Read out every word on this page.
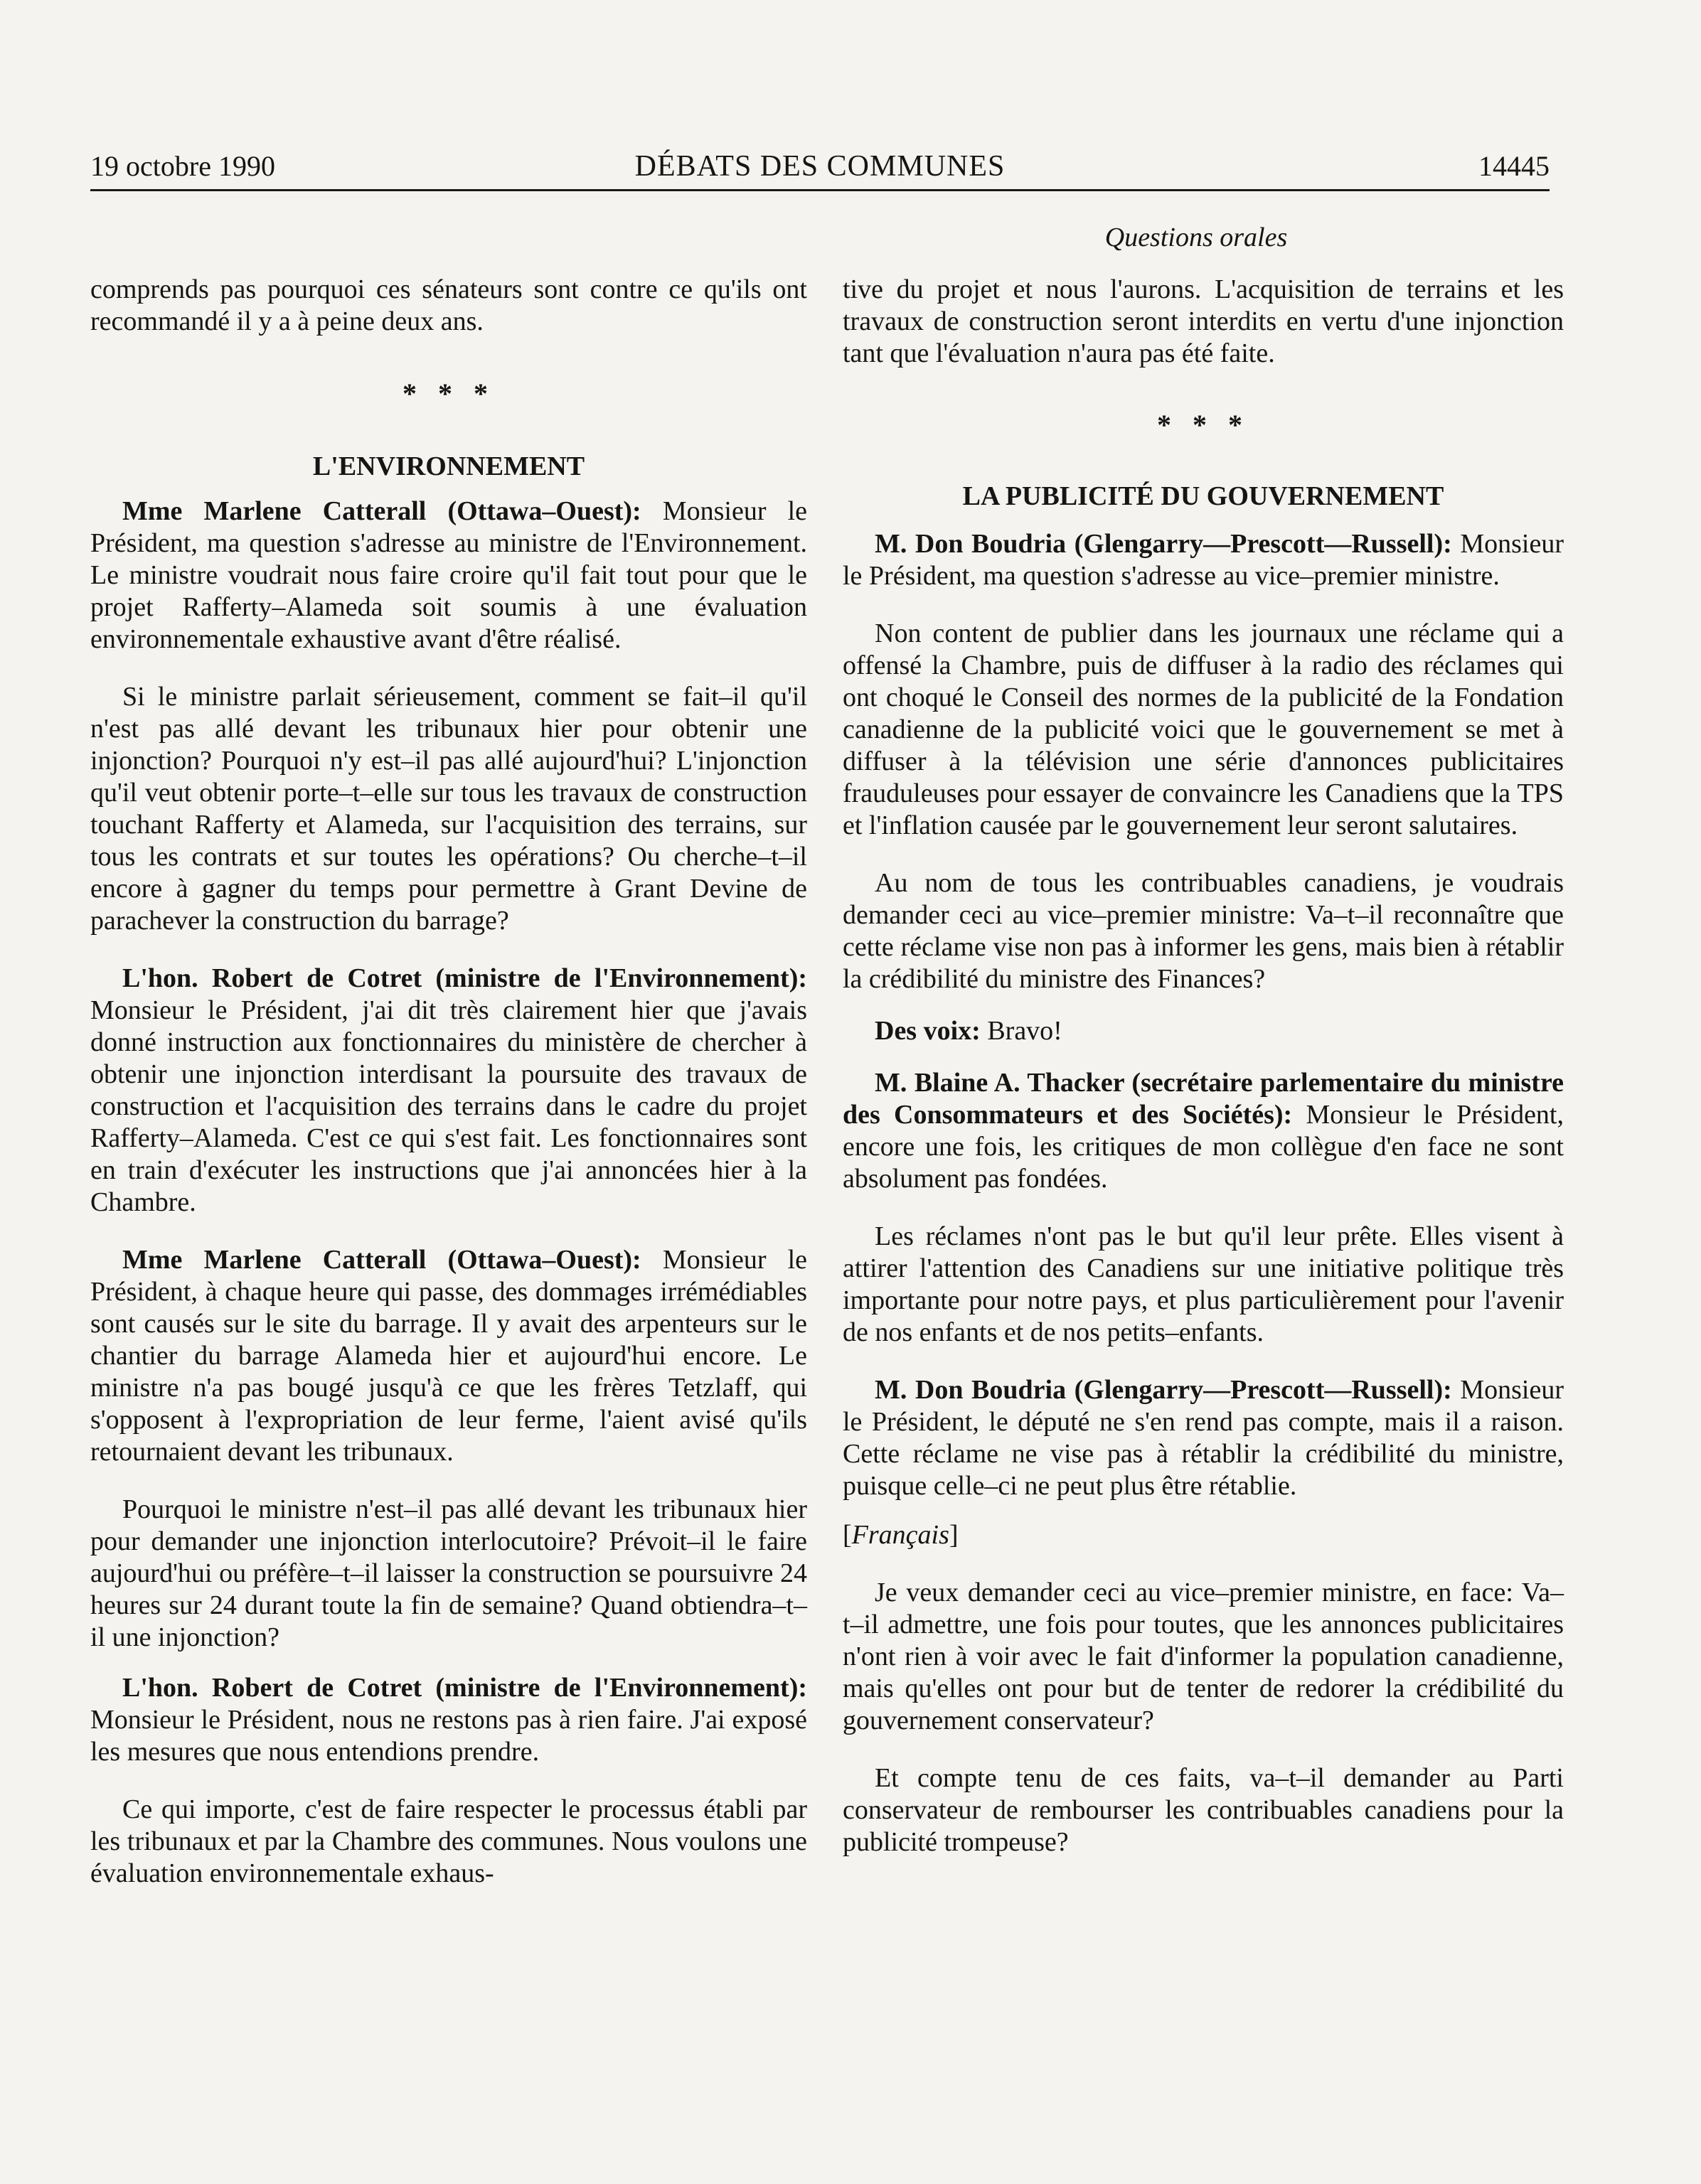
19 octobre 1990	DÉBATS DES COMMUNES	14445
Questions orales

comprends pas pourquoi ces sénateurs sont contre ce qu'ils ont recommandé il y a à peine deux ans.

* * *
L'ENVIRONNEMENT

Mme Marlene Catterall (Ottawa–Ouest): Monsieur le Président, ma question s'adresse au ministre de l'Environnement. Le ministre voudrait nous faire croire qu'il fait tout pour que le projet Rafferty–Alameda soit soumis à une évaluation environnementale exhaustive avant d'être réalisé.

Si le ministre parlait sérieusement, comment se fait–il qu'il n'est pas allé devant les tribunaux hier pour obtenir une injonction? Pourquoi n'y est–il pas allé aujourd'hui? L'injonction qu'il veut obtenir porte–t–elle sur tous les travaux de construction touchant Rafferty et Alameda, sur l'acquisition des terrains, sur tous les contrats et sur toutes les opérations? Ou cherche–t–il encore à gagner du temps pour permettre à Grant Devine de parachever la construction du barrage?

L'hon. Robert de Cotret (ministre de l'Environnement): Monsieur le Président, j'ai dit très clairement hier que j'avais donné instruction aux fonctionnaires du ministère de chercher à obtenir une injonction interdisant la poursuite des travaux de construction et l'acquisition des terrains dans le cadre du projet Rafferty–Alameda. C'est ce qui s'est fait. Les fonctionnaires sont en train d'exécuter les instructions que j'ai annoncées hier à la Chambre.

Mme Marlene Catterall (Ottawa–Ouest): Monsieur le Président, à chaque heure qui passe, des dommages irrémédiables sont causés sur le site du barrage. Il y avait des arpenteurs sur le chantier du barrage Alameda hier et aujourd'hui encore. Le ministre n'a pas bougé jusqu'à ce que les frères Tetzlaff, qui s'opposent à l'expropriation de leur ferme, l'aient avisé qu'ils retournaient devant les tribunaux.

Pourquoi le ministre n'est–il pas allé devant les tribunaux hier pour demander une injonction interlocutoire? Prévoit–il le faire aujourd'hui ou préfère–t–il laisser la construction se poursuivre 24 heures sur 24 durant toute la fin de semaine? Quand obtiendra–t–il une injonction?

L'hon. Robert de Cotret (ministre de l'Environnement): Monsieur le Président, nous ne restons pas à rien faire. J'ai exposé les mesures que nous entendions prendre.

Ce qui importe, c'est de faire respecter le processus établi par les tribunaux et par la Chambre des communes. Nous voulons une évaluation environnementale exhaus-

tive du projet et nous l'aurons. L'acquisition de terrains et les travaux de construction seront interdits en vertu d'une injonction tant que l'évaluation n'aura pas été faite.

* * *
LA PUBLICITÉ DU GOUVERNEMENT

M. Don Boudria (Glengarry—Prescott—Russell): Monsieur le Président, ma question s'adresse au vice–premier ministre.

Non content de publier dans les journaux une réclame qui a offensé la Chambre, puis de diffuser à la radio des réclames qui ont choqué le Conseil des normes de la publicité de la Fondation canadienne de la publicité voici que le gouvernement se met à diffuser à la télévision une série d'annonces publicitaires frauduleuses pour essayer de convaincre les Canadiens que la TPS et l'inflation causée par le gouvernement leur seront salutaires.

Au nom de tous les contribuables canadiens, je voudrais demander ceci au vice–premier ministre: Va–t–il reconnaître que cette réclame vise non pas à informer les gens, mais bien à rétablir la crédibilité du ministre des Finances?

Des voix: Bravo!

M. Blaine A. Thacker (secrétaire parlementaire du ministre des Consommateurs et des Sociétés): Monsieur le Président, encore une fois, les critiques de mon collègue d'en face ne sont absolument pas fondées.

Les réclames n'ont pas le but qu'il leur prête. Elles visent à attirer l'attention des Canadiens sur une initiative politique très importante pour notre pays, et plus particulièrement pour l'avenir de nos enfants et de nos petits–enfants.

M. Don Boudria (Glengarry—Prescott—Russell): Monsieur le Président, le député ne s'en rend pas compte, mais il a raison. Cette réclame ne vise pas à rétablir la crédibilité du ministre, puisque celle–ci ne peut plus être rétablie.

[Français]

Je veux demander ceci au vice–premier ministre, en face: Va–t–il admettre, une fois pour toutes, que les annonces publicitaires n'ont rien à voir avec le fait d'informer la population canadienne, mais qu'elles ont pour but de tenter de redorer la crédibilité du gouvernement conservateur?

Et compte tenu de ces faits, va–t–il demander au Parti conservateur de rembourser les contribuables canadiens pour la publicité trompeuse?
